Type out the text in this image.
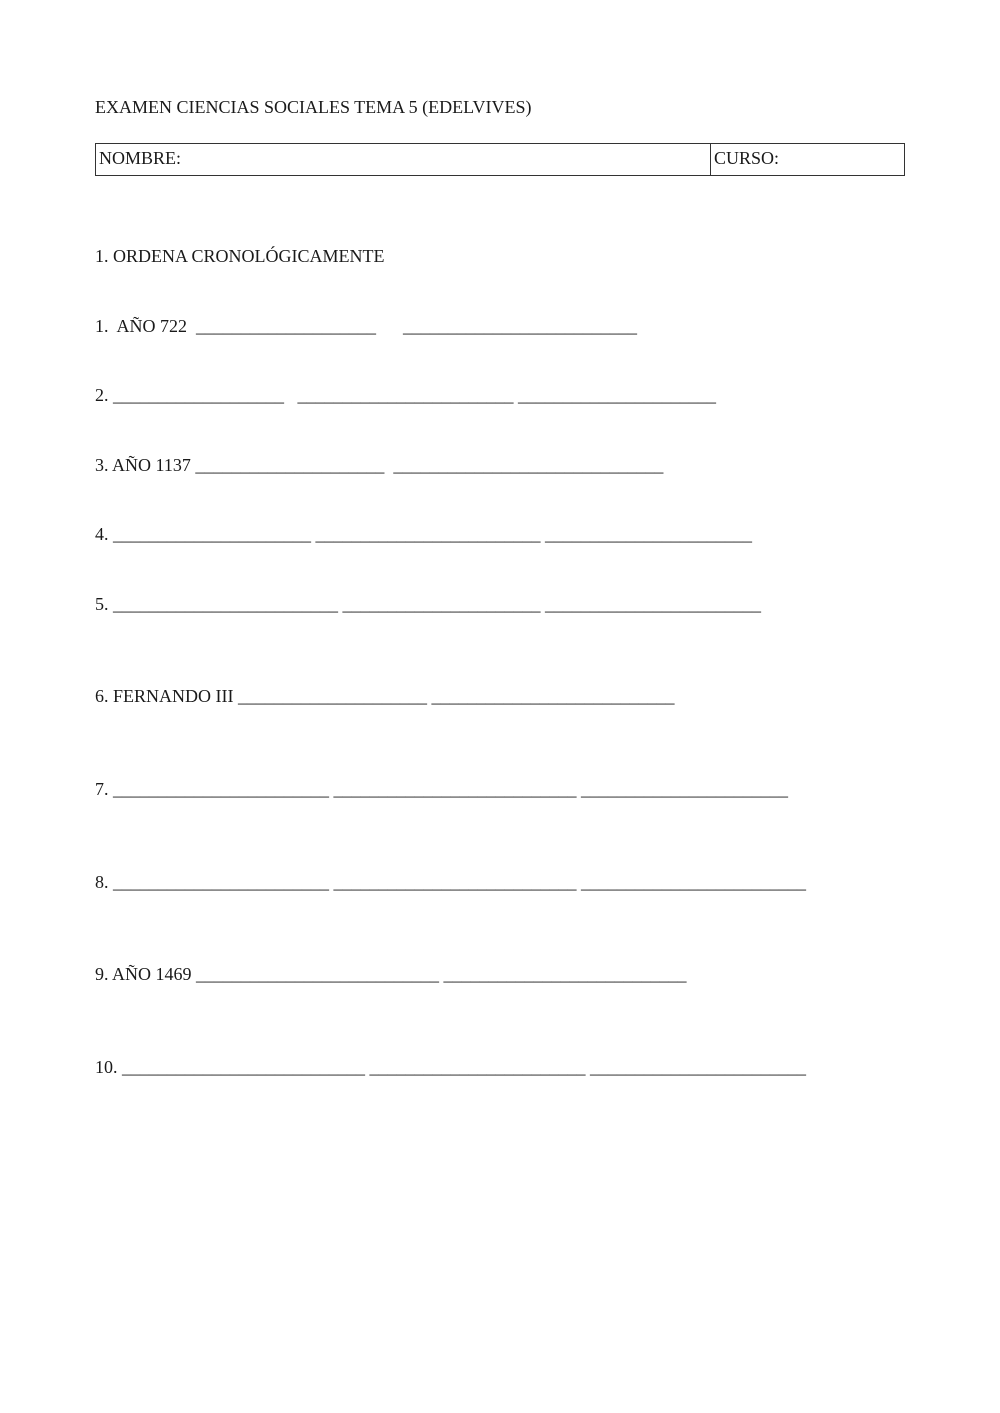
EXAMEN CIENCIAS SOCIALES TEMA 5 (EDELVIVES)
NOMBRE:	CURSO:
1. ORDENA CRONOLÓGICAMENTE
1.  AÑO 722  ____________________      __________________________
2. ___________________   ________________________ ______________________
3. AÑO 1137 _____________________  ______________________________
4. ______________________ _________________________ _______________________
5. _________________________ ______________________ ________________________
6. FERNANDO III _____________________ ___________________________
7. ________________________ ___________________________ _______________________
8. ________________________ ___________________________ _________________________
9. AÑO 1469 ___________________________ ___________________________
10. ___________________________ ________________________ ________________________
